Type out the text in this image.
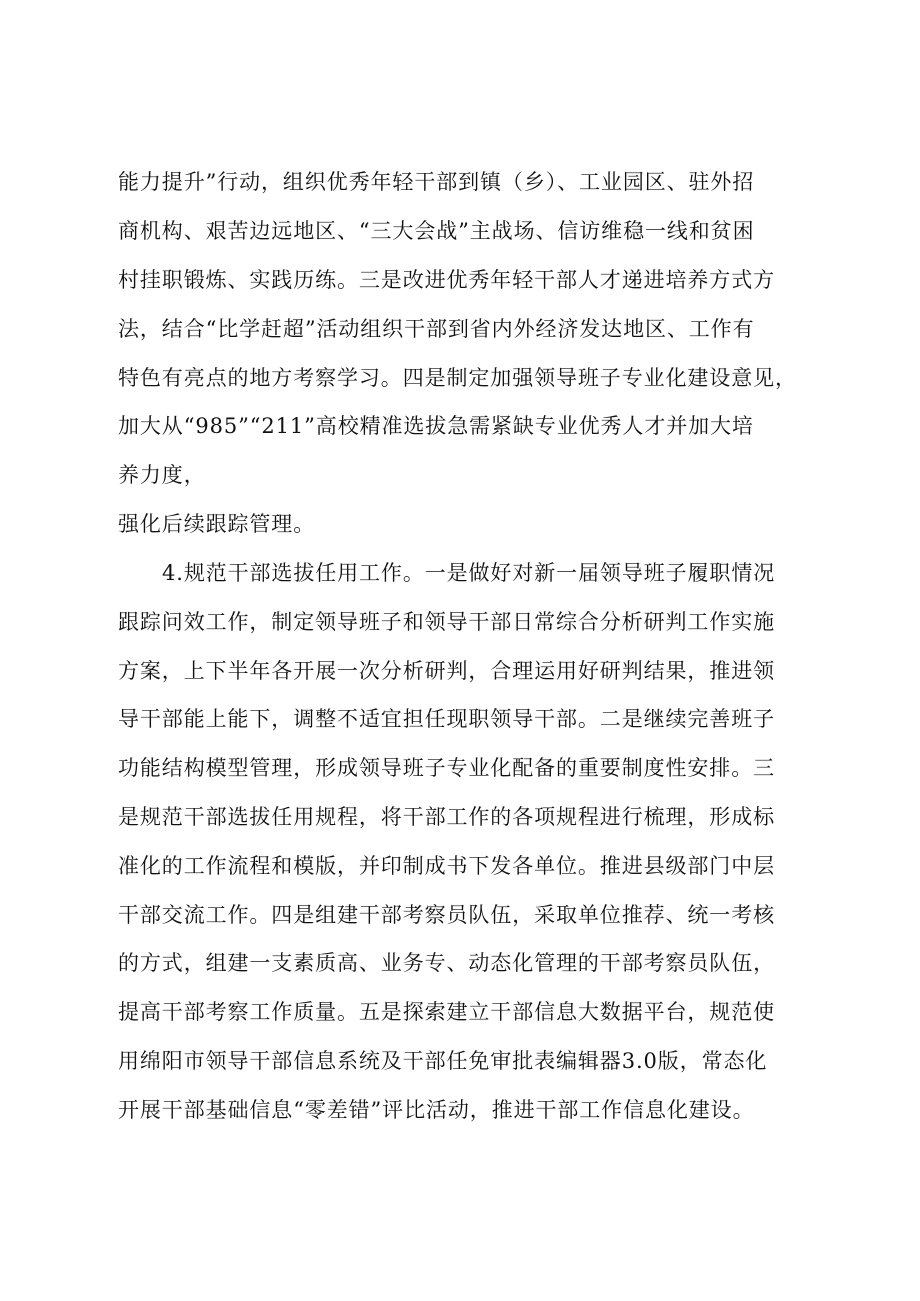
能力提升”行动，组织优秀年轻干部到镇（乡）、工业园区、驻外招
商机构、艰苦边远地区、“三大会战”主战场、信访维稳一线和贫困
村挂职锻炼、实践历练。三是改进优秀年轻干部人才递进培养方式方
法，结合“比学赶超”活动组织干部到省内外经济发达地区、工作有
特色有亮点的地方考察学习。四是制定加强领导班子专业化建设意见，
加大从“985”“211”高校精准选拔急需紧缺专业优秀人才并加大培
养力度，
强化后续跟踪管理。
4.规范干部选拔任用工作。一是做好对新一届领导班子履职情况
跟踪问效工作，制定领导班子和领导干部日常综合分析研判工作实施
方案，上下半年各开展一次分析研判，合理运用好研判结果，推进领
导干部能上能下，调整不适宜担任现职领导干部。二是继续完善班子
功能结构模型管理，形成领导班子专业化配备的重要制度性安排。三
是规范干部选拔任用规程，将干部工作的各项规程进行梳理，形成标
准化的工作流程和模版，并印制成书下发各单位。推进县级部门中层
干部交流工作。四是组建干部考察员队伍，采取单位推荐、统一考核
的方式，组建一支素质高、业务专、动态化管理的干部考察员队伍，
提高干部考察工作质量。五是探索建立干部信息大数据平台，规范使
用绵阳市领导干部信息系统及干部任免审批表编辑器3.0版，常态化
开展干部基础信息“零差错”评比活动，推进干部工作信息化建设。
